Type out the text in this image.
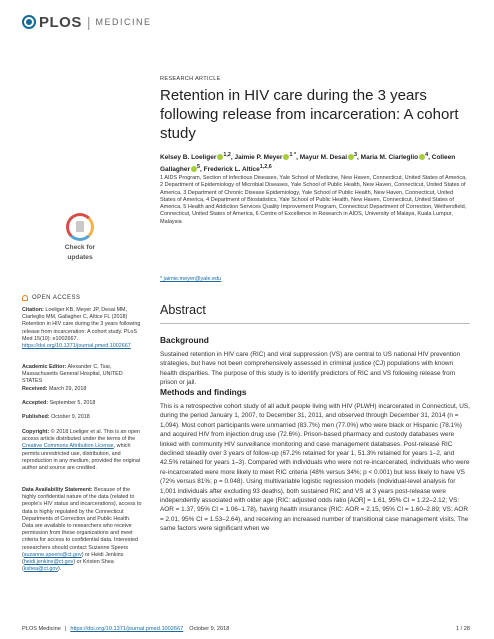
PLOS | MEDICINE
Check for
updates
OPEN ACCESS
Citation: Loeliger KB, Meyer JP, Desai MM, Ciarleglio MM, Gallagher C, Altice FL (2018) Retention in HIV care during the 3 years following release from incarceration: A cohort study. PLoS Med 15(10): e1002667. https://doi.org/10.1371/journal.pmed.1002667
Academic Editor: Alexander C. Tsai, Massachusetts General Hospital, UNITED STATES
Received: March 29, 2018
Accepted: September 5, 2018
Published: October 9, 2018
Copyright: © 2018 Loeliger et al. This is an open access article distributed under the terms of the Creative Commons Attribution License, which permits unrestricted use, distribution, and reproduction in any medium, provided the original author and source are credited.
Data Availability Statement: Because of the highly confidential nature of the data (related to people’s HIV status and incarcerations), access to data is highly regulated by the Connecticut Departments of Correction and Public Health. Data are available to researchers who receive permission from these organizations and meet criteria for access to confidential data. Interested researchers should contact Suzanne Speers (suzanne.speers@ct.gov) or Heidi Jenkins (heidi.jenkins@ct.gov) or Kristen Shea (kshea@ct.gov).
RESEARCH ARTICLE
Retention in HIV care during the 3 years following release from incarceration: A cohort study
Kelsey B. Loeliger $^{1,2}$, Jaimie P. Meyer $^{1 *}$, Mayur M. Desai $^3$, Maria M. Ciarleglio $^4$, Colleen Gallagher $^5$, Frederick L. Altice$^{1,2,6}$
1 AIDS Program, Section of Infectious Diseases, Yale School of Medicine, New Haven, Connecticut, United States of America, 2 Department of Epidemiology of Microbial Diseases, Yale School of Public Health, New Haven, Connecticut, United States of America, 3 Department of Chronic Disease Epidemiology, Yale School of Public Health, New Haven, Connecticut, United States of America, 4 Department of Biostatistics, Yale School of Public Health, New Haven, Connecticut, United States of America, 5 Health and Addiction Services Quality Improvement Program, Connecticut Department of Correction, Wethersfield, Connecticut, United States of America, 6 Centre of Excellence in Research in AIDS, University of Malaya, Kuala Lumpur, Malaysia
* jaimie.meyer@yale.edu
Abstract
Background
Sustained retention in HIV care (RIC) and viral suppression (VS) are central to US national HIV prevention strategies, but have not been comprehensively assessed in criminal justice (CJ) populations with known health disparities. The purpose of this study is to identify predictors of RIC and VS following release from prison or jail.
Methods and findings
This is a retrospective cohort study of all adult people living with HIV (PLWH) incarcerated in Connecticut, US, during the period January 1, 2007, to December 31, 2011, and observed through December 31, 2014 (n = 1,094). Most cohort participants were unmarried (83.7%) men (77.0%) who were black or Hispanic (78.1%) and acquired HIV from injection drug use (72.6%). Prison-based pharmacy and custody databases were linked with community HIV surveillance monitoring and case management databases. Post-release RIC declined steadily over 3 years of follow-up (67.2% retained for year 1, 51.3% retained for years 1–2, and 42.5% retained for years 1–3). Compared with individuals who were not re-incarcerated, individuals who were re-incarcerated were more likely to meet RIC criteria (48% versus 34%; p < 0.001) but less likely to have VS (72% versus 81%; p = 0.048). Using multivariable logistic regression models (individual-level analysis for 1,001 individuals after excluding 93 deaths), both sustained RIC and VS at 3 years post-release were independently associated with older age (RIC: adjusted odds ratio [AOR] = 1.61, 95% CI = 1.22–2.12; VS: AOR = 1.37, 95% CI = 1.06–1.78), having health insurance (RIC: AOR = 2.15, 95% CI = 1.60–2.89; VS: AOR = 2.01, 95% CI = 1.53–2.64), and receiving an increased number of transitional case management visits. The same factors were significant when we
PLOS Medicine | https://doi.org/10.1371/journal.pmed.1002667 October 9, 2018	1 / 28
